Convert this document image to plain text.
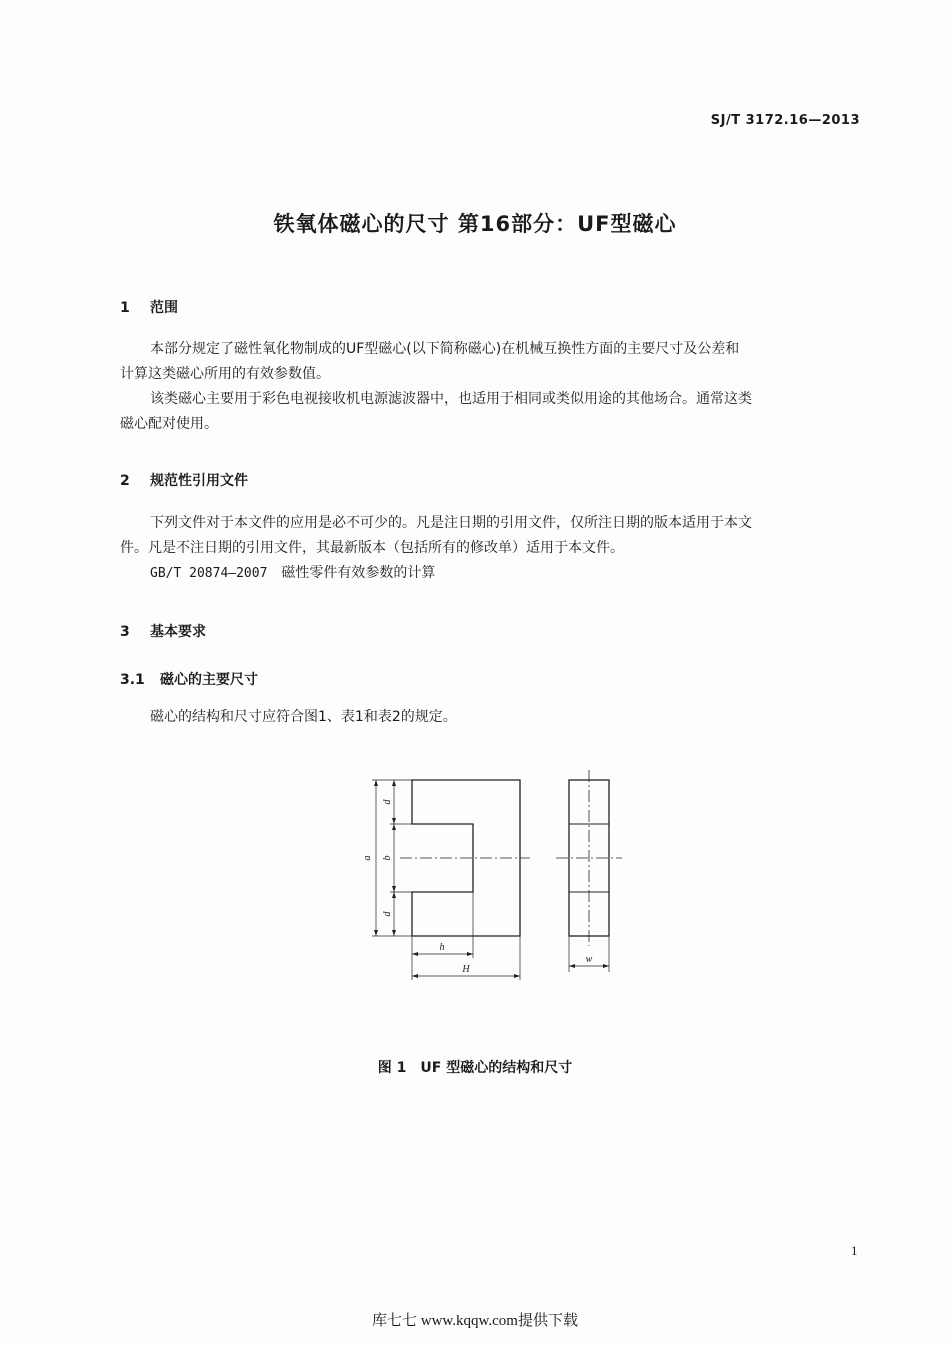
SJ/T 3172.16—2013
铁氧体磁心的尺寸 第16部分：UF型磁心
1 范围

本部分规定了磁性氧化物制成的UF型磁心(以下简称磁心)在机械互换性方面的主要尺寸及公差和

计算这类磁心所用的有效参数值。

该类磁心主要用于彩色电视接收机电源滤波器中，也适用于相同或类似用途的其他场合。通常这类

磁心配对使用。

2 规范性引用文件

下列文件对于本文件的应用是必不可少的。凡是注日期的引用文件，仅所注日期的版本适用于本文

件。凡是不注日期的引用文件，其最新版本（包括所有的修改单）适用于本文件。

GB/T 20874—2007 磁性零件有效参数的计算

3 基本要求
3.1 磁心的主要尺寸

磁心的结构和尺寸应符合图1、表1和表2的规定。

a
d
b
d
h
H
w
图 1 UF 型磁心的结构和尺寸
1
库七七 www.kqqw.com提供下载
